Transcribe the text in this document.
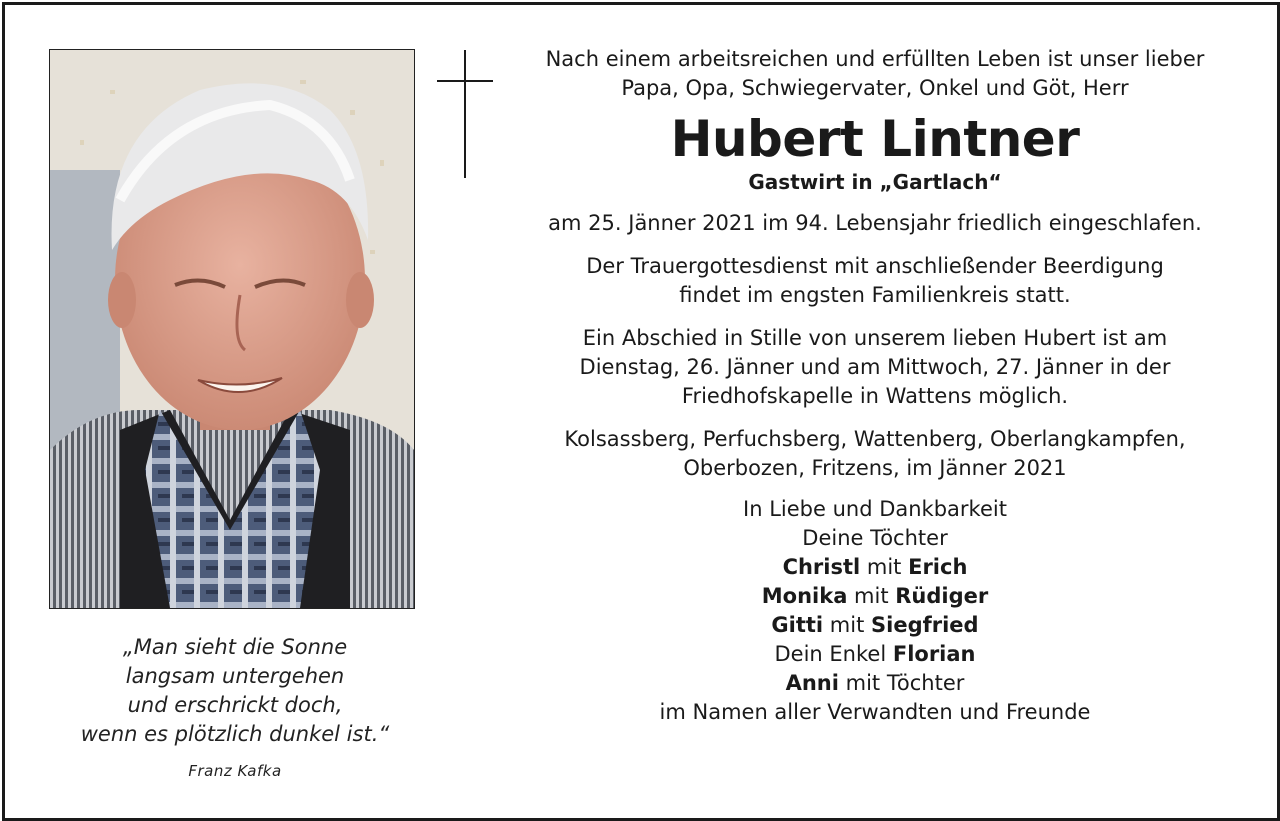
„Man sieht die Sonne
langsam untergehen
und erschrickt doch,
wenn es plötzlich dunkel ist.“
Franz Kafka
Nach einem arbeitsreichen und erfüllten Leben ist unser lieber
Papa, Opa, Schwiegervater, Onkel und Göt, Herr
Hubert Lintner
Gastwirt in „Gartlach“
am 25. Jänner 2021 im 94. Lebensjahr friedlich eingeschlafen.
Der Trauergottesdienst mit anschließender Beerdigung
findet im engsten Familienkreis statt.
Ein Abschied in Stille von unserem lieben Hubert ist am
Dienstag, 26. Jänner und am Mittwoch, 27. Jänner in der
Friedhofskapelle in Wattens möglich.
Kolsassberg, Perfuchsberg, Wattenberg, Oberlangkampfen,
Oberbozen, Fritzens, im Jänner 2021
In Liebe und Dankbarkeit
Deine Töchter
Christl mit Erich
Monika mit Rüdiger
Gitti mit Siegfried
Dein Enkel Florian
Anni mit Töchter
im Namen aller Verwandten und Freunde
